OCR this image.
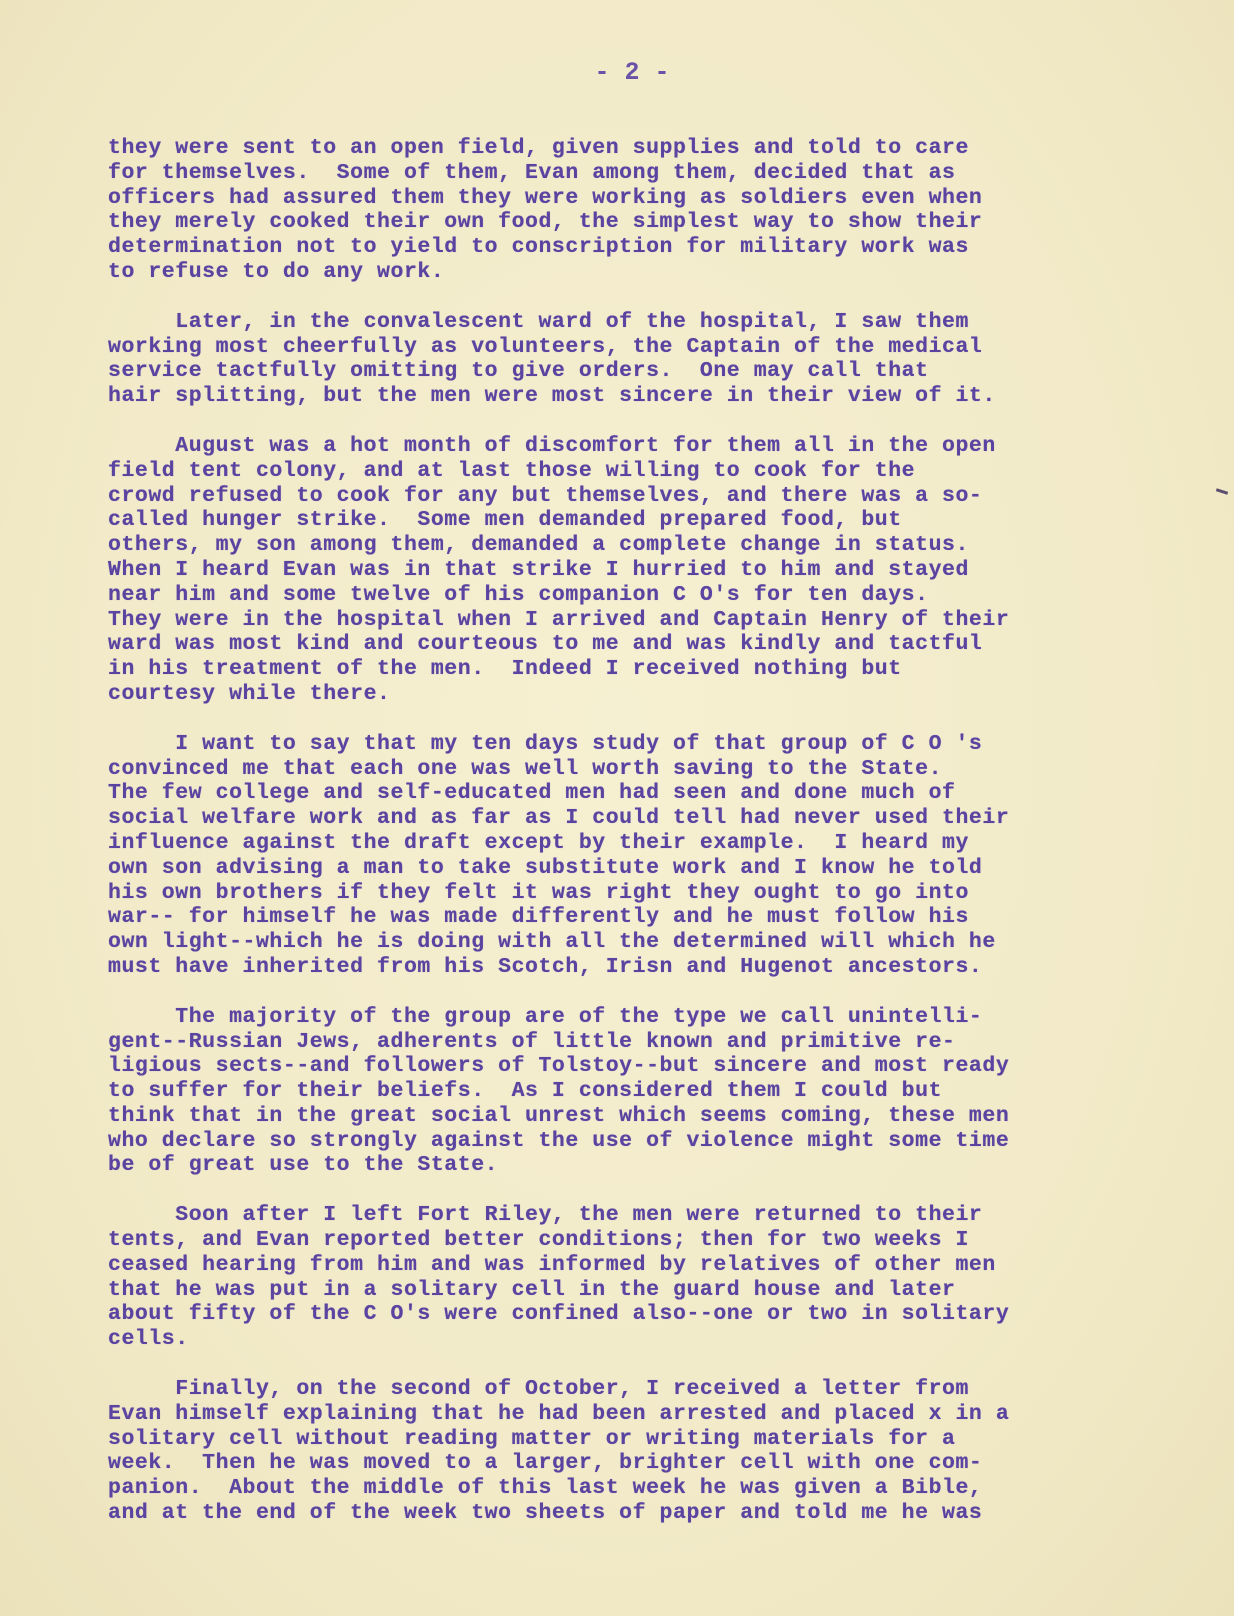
- 2 -
they were sent to an open field, given supplies and told to care
for themselves.  Some of them, Evan among them, decided that as
officers had assured them they were working as soldiers even when
they merely cooked their own food, the simplest way to show their
determination not to yield to conscription for military work was
to refuse to do any work.
Later, in the convalescent ward of the hospital, I saw them
working most cheerfully as volunteers, the Captain of the medical
service tactfully omitting to give orders.  One may call that
hair splitting, but the men were most sincere in their view of it.
August was a hot month of discomfort for them all in the open
field tent colony, and at last those willing to cook for the
crowd refused to cook for any but themselves, and there was a so-
called hunger strike.  Some men demanded prepared food, but
others, my son among them, demanded a complete change in status.
When I heard Evan was in that strike I hurried to him and stayed
near him and some twelve of his companion C O's for ten days.
They were in the hospital when I arrived and Captain Henry of their
ward was most kind and courteous to me and was kindly and tactful
in his treatment of the men.  Indeed I received nothing but
courtesy while there.
I want to say that my ten days study of that group of C O 's
convinced me that each one was well worth saving to the State.
The few college and self-educated men had seen and done much of
social welfare work and as far as I could tell had never used their
influence against the draft except by their example.  I heard my
own son advising a man to take substitute work and I know he told
his own brothers if they felt it was right they ought to go into
war-- for himself he was made differently and he must follow his
own light--which he is doing with all the determined will which he
must have inherited from his Scotch, Irisn and Hugenot ancestors.
The majority of the group are of the type we call unintelli-
gent--Russian Jews, adherents of little known and primitive re-
ligious sects--and followers of Tolstoy--but sincere and most ready
to suffer for their beliefs.  As I considered them I could but
think that in the great social unrest which seems coming, these men
who declare so strongly against the use of violence might some time
be of great use to the State.
Soon after I left Fort Riley, the men were returned to their
tents, and Evan reported better conditions; then for two weeks I
ceased hearing from him and was informed by relatives of other men
that he was put in a solitary cell in the guard house and later
about fifty of the C O's were confined also--one or two in solitary
cells.
Finally, on the second of October, I received a letter from
Evan himself explaining that he had been arrested and placed x in a
solitary cell without reading matter or writing materials for a
week.  Then he was moved to a larger, brighter cell with one com-
panion.  About the middle of this last week he was given a Bible,
and at the end of the week two sheets of paper and told me he was
